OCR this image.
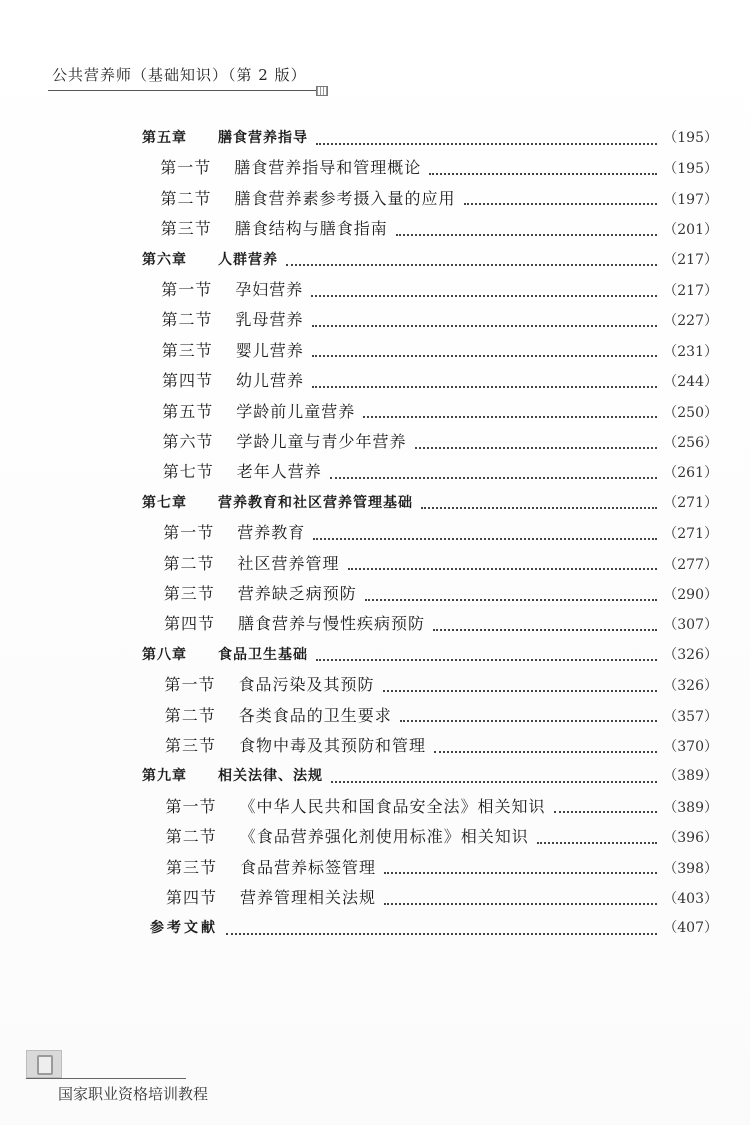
公共营养师（基础知识）（第 2 版）
第五章	膳食营养指导	（195）
第一节	膳食营养指导和管理概论	（195）
第二节	膳食营养素参考摄入量的应用	（197）
第三节	膳食结构与膳食指南	（201）
第六章	人群营养	（217）
第一节	孕妇营养	（217）
第二节	乳母营养	（227）
第三节	婴儿营养	（231）
第四节	幼儿营养	（244）
第五节	学龄前儿童营养	（250）
第六节	学龄儿童与青少年营养	（256）
第七节	老年人营养	（261）
第七章	营养教育和社区营养管理基础	（271）
第一节	营养教育	（271）
第二节	社区营养管理	（277）
第三节	营养缺乏病预防	（290）
第四节	膳食营养与慢性疾病预防	（307）
第八章	食品卫生基础	（326）
第一节	食品污染及其预防	（326）
第二节	各类食品的卫生要求	（357）
第三节	食物中毒及其预防和管理	（370）
第九章	相关法律、法规	（389）
第一节	《中华人民共和国食品安全法》相关知识	（389）
第二节	《食品营养强化剂使用标准》相关知识	（396）
第三节	食品营养标签管理	（398）
第四节	营养管理相关法规	（403）
参考文献	（407）
国家职业资格培训教程
